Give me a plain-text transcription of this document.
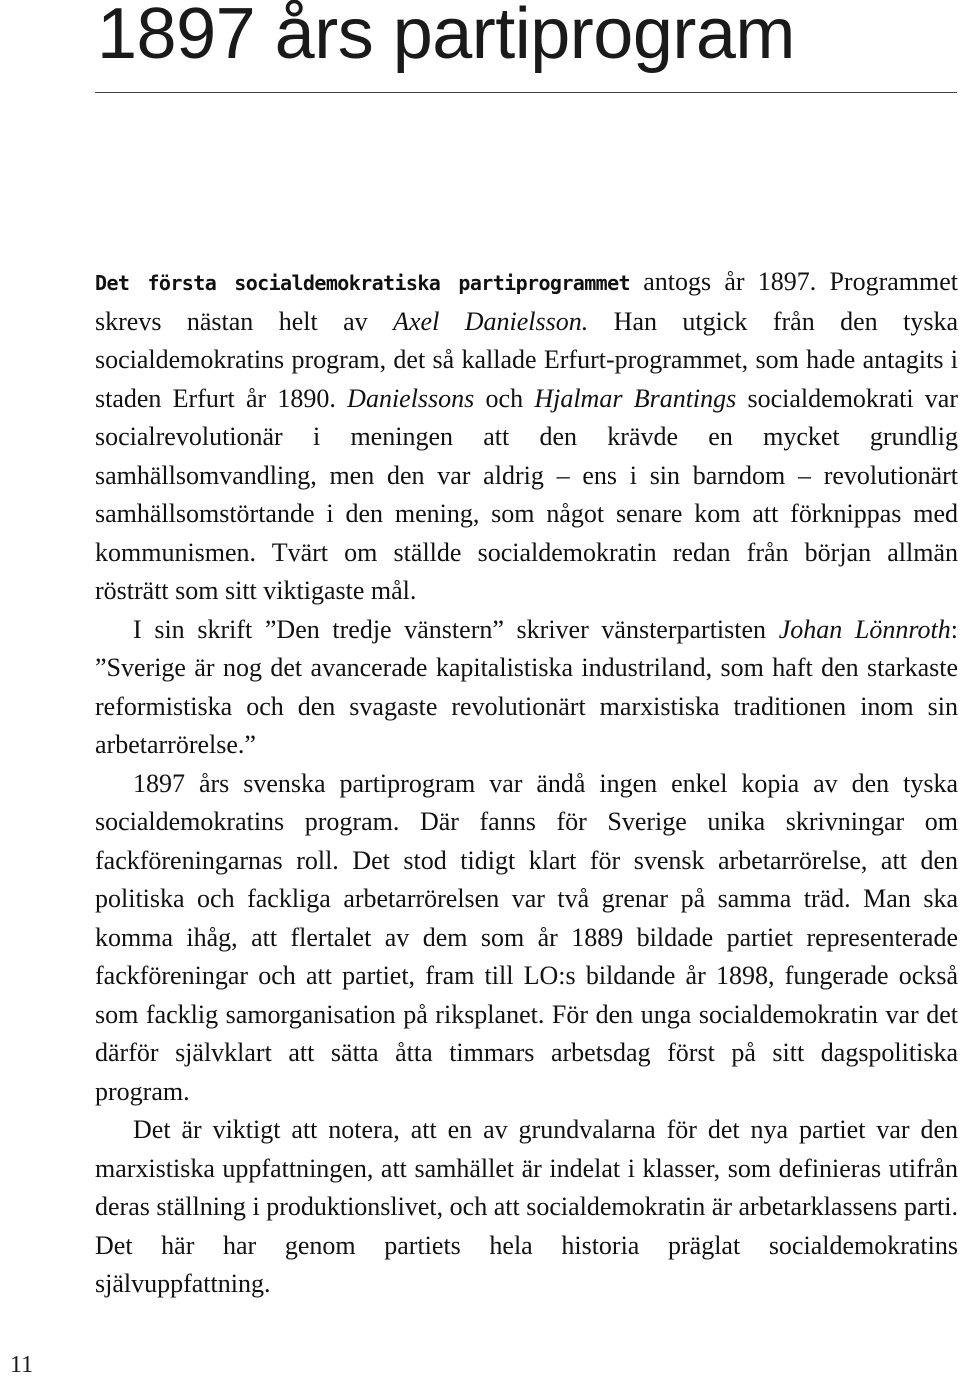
1897 års partiprogram

Det första socialdemokratiska partiprogrammet antogs år 1897. Programmet skrevs nästan helt av Axel Danielsson. Han utgick från den tyska socialdemokratins program, det så kallade Erfurt-programmet, som hade antagits i staden Erfurt år 1890. Danielssons och Hjalmar Brantings socialdemokrati var socialrevolutionär i meningen att den krävde en mycket grundlig samhällsomvandling, men den var aldrig – ens i sin barndom – revolutionärt samhällsomstörtande i den mening, som något senare kom att förknippas med kommunismen. Tvärt om ställde socialdemokratin redan från början allmän rösträtt som sitt viktigaste mål.

I sin skrift ”Den tredje vänstern” skriver vänsterpartisten Johan Lönnroth: ”Sverige är nog det avancerade kapitalistiska industriland, som haft den starkaste reformistiska och den svagaste revolutionärt marxistiska traditionen inom sin arbetarrörelse.”

1897 års svenska partiprogram var ändå ingen enkel kopia av den tyska socialdemokratins program. Där fanns för Sverige unika skrivningar om fackföreningarnas roll. Det stod tidigt klart för svensk arbetarrörelse, att den politiska och fackliga arbetarrörelsen var två grenar på samma träd. Man ska komma ihåg, att flertalet av dem som år 1889 bildade partiet representerade fackföreningar och att partiet, fram till LO:s bildande år 1898, fungerade också som facklig samorganisation på riksplanet. För den unga socialdemokratin var det därför självklart att sätta åtta timmars arbetsdag först på sitt dagspolitiska program.

Det är viktigt att notera, att en av grundvalarna för det nya partiet var den marxistiska uppfattningen, att samhället är indelat i klasser, som definieras utifrån deras ställning i produktionslivet, och att socialdemokratin är arbetarklassens parti. Det här har genom partiets hela historia präglat socialdemokratins självuppfattning.

11
